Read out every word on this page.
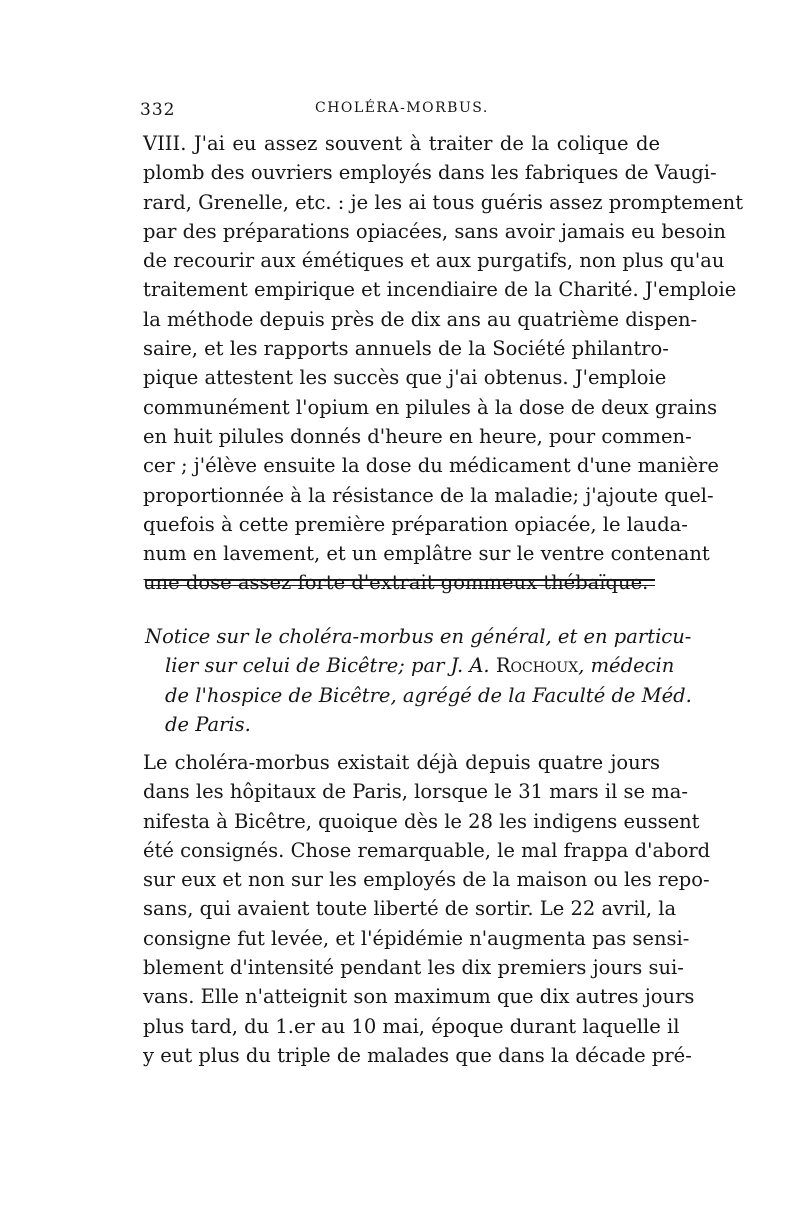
332	CHOLÉRA-MORBUS.
VIII. J'ai eu assez souvent à traiter de la colique de
plomb des ouvriers employés dans les fabriques de Vaugi-
rard, Grenelle, etc. : je les ai tous guéris assez promptement
par des préparations opiacées, sans avoir jamais eu besoin
de recourir aux émétiques et aux purgatifs, non plus qu'au
traitement empirique et incendiaire de la Charité. J'emploie
la méthode depuis près de dix ans au quatrième dispen-
saire, et les rapports annuels de la Société philantro-
pique attestent les succès que j'ai obtenus. J'emploie
communément l'opium en pilules à la dose de deux grains
en huit pilules donnés d'heure en heure, pour commen-
cer ; j'élève ensuite la dose du médicament d'une manière
proportionnée à la résistance de la maladie; j'ajoute quel-
quefois à cette première préparation opiacée, le lauda-
num en lavement, et un emplâtre sur le ventre contenant
une dose assez forte d'extrait gommeux thébaïque.
Notice sur le choléra-morbus en général, et en particu-
lier sur celui de Bicêtre; par J. A. Rochoux, médecin
de l'hospice de Bicêtre, agrégé de la Faculté de Méd.
de Paris.
Le choléra-morbus existait déjà depuis quatre jours
dans les hôpitaux de Paris, lorsque le 31 mars il se ma-
nifesta à Bicêtre, quoique dès le 28 les indigens eussent
été consignés. Chose remarquable, le mal frappa d'abord
sur eux et non sur les employés de la maison ou les repo-
sans, qui avaient toute liberté de sortir. Le 22 avril, la
consigne fut levée, et l'épidémie n'augmenta pas sensi-
blement d'intensité pendant les dix premiers jours sui-
vans. Elle n'atteignit son maximum que dix autres jours
plus tard, du 1.er au 10 mai, époque durant laquelle il
y eut plus du triple de malades que dans la décade pré-
